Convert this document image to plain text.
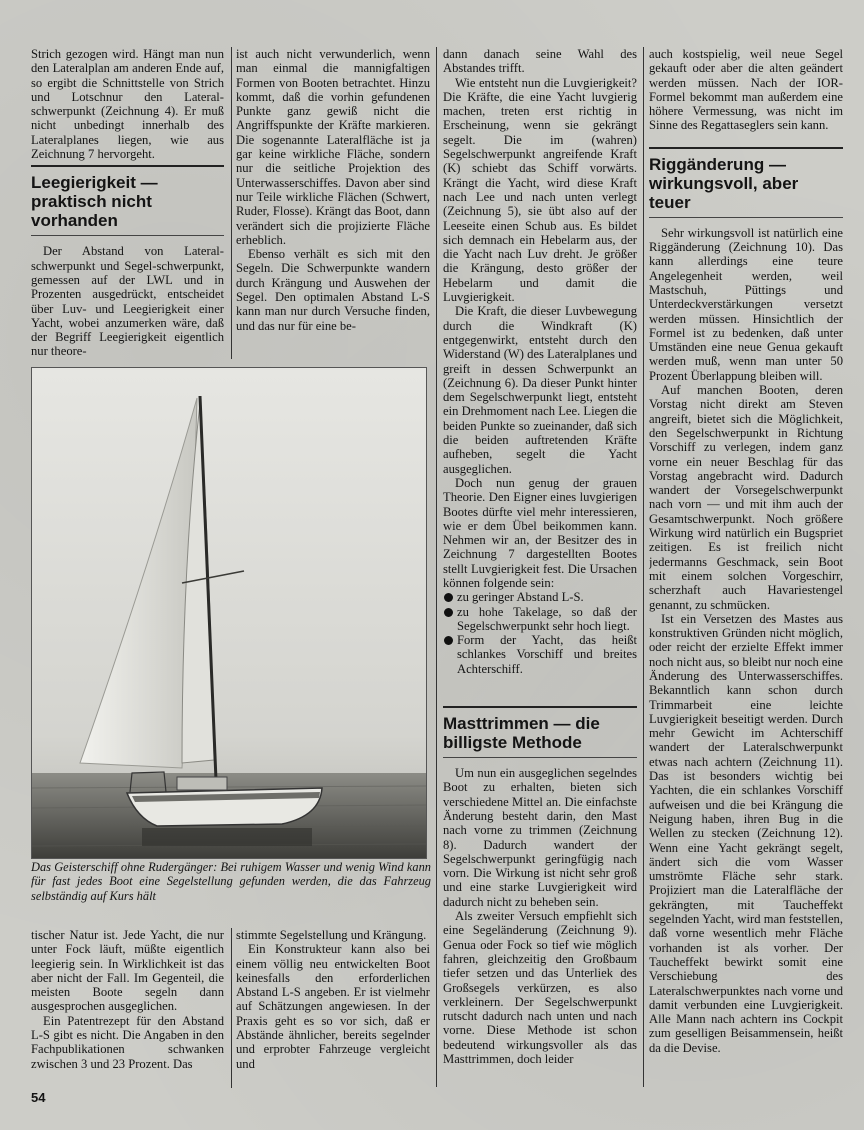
Strich gezogen wird. Hängt man nun den Lateralplan am anderen Ende auf, so ergibt die Schnittstelle von Strich und Lotschnur den Lateral-schwerpunkt (Zeichnung 4). Er muß nicht unbedingt innerhalb des Lateralplanes liegen, wie aus Zeichnung 7 hervorgeht.

Leegierigkeit — praktisch nicht vorhanden

Der Abstand von Lateral-schwerpunkt und Segel-schwerpunkt, gemessen auf der LWL und in Prozenten ausgedrückt, entscheidet über Luv- und Leegierigkeit einer Yacht, wobei anzumerken wäre, daß der Begriff Leegierigkeit eigentlich nur theore-

ist auch nicht verwunderlich, wenn man einmal die mannigfaltigen Formen von Booten betrachtet. Hinzu kommt, daß die vorhin gefundenen Punkte ganz gewiß nicht die Angriffspunkte der Kräfte markieren. Die sogenannte Lateralfläche ist ja gar keine wirkliche Fläche, sondern nur die seitliche Projektion des Unterwasserschiffes. Davon aber sind nur Teile wirkliche Flächen (Schwert, Ruder, Flosse). Krängt das Boot, dann verändert sich die projizierte Fläche erheblich.

Ebenso verhält es sich mit den Segeln. Die Schwerpunkte wandern durch Krängung und Auswehen der Segel. Den optimalen Abstand L-S kann man nur durch Versuche finden, und das nur für eine be-

Das Geisterschiff ohne Rudergänger: Bei ruhigem Wasser und wenig Wind kann für fast jedes Boot eine Segelstellung gefunden werden, die das Fahrzeug selbständig auf Kurs hält

tischer Natur ist. Jede Yacht, die nur unter Fock läuft, müßte eigentlich leegierig sein. In Wirklichkeit ist das aber nicht der Fall. Im Gegenteil, die meisten Boote segeln dann ausgesprochen ausgeglichen.

Ein Patentrezept für den Abstand L-S gibt es nicht. Die Angaben in den Fachpublikationen schwanken zwischen 3 und 23 Prozent. Das

stimmte Segelstellung und Krängung.

Ein Konstrukteur kann also bei einem völlig neu entwickelten Boot keinesfalls den erforderlichen Abstand L-S angeben. Er ist vielmehr auf Schätzungen angewiesen. In der Praxis geht es so vor sich, daß er Abstände ähnlicher, bereits segelnder und erprobter Fahrzeuge vergleicht und

dann danach seine Wahl des Abstandes trifft.

Wie entsteht nun die Luvgierigkeit? Die Kräfte, die eine Yacht luvgierig machen, treten erst richtig in Erscheinung, wenn sie gekrängt segelt. Die im (wahren) Segelschwerpunkt angreifende Kraft (K) schiebt das Schiff vorwärts. Krängt die Yacht, wird diese Kraft nach Lee und nach unten verlegt (Zeichnung 5), sie übt also auf der Leeseite einen Schub aus. Es bildet sich demnach ein Hebelarm aus, der die Yacht nach Luv dreht. Je größer die Krängung, desto größer der Hebelarm und damit die Luvgierigkeit.

Die Kraft, die dieser Luvbewegung durch die Windkraft (K) entgegenwirkt, entsteht durch den Widerstand (W) des Lateralplanes und greift in dessen Schwerpunkt an (Zeichnung 6). Da dieser Punkt hinter dem Segelschwerpunkt liegt, entsteht ein Drehmoment nach Lee. Liegen die beiden Punkte so zueinander, daß sich die beiden auftretenden Kräfte aufheben, segelt die Yacht ausgeglichen.

Doch nun genug der grauen Theorie. Den Eigner eines luvgierigen Bootes dürfte viel mehr interessieren, wie er dem Übel beikommen kann. Nehmen wir an, der Besitzer des in Zeichnung 7 dargestellten Bootes stellt Luvgierigkeit fest. Die Ursachen können folgende sein:

zu geringer Abstand L-S.
zu hohe Takelage, so daß der Segelschwerpunkt sehr hoch liegt.
Form der Yacht, das heißt schlankes Vorschiff und breites Achterschiff.
Masttrimmen — die billigste Methode

Um nun ein ausgeglichen segelndes Boot zu erhalten, bieten sich verschiedene Mittel an. Die einfachste Änderung besteht darin, den Mast nach vorne zu trimmen (Zeichnung 8). Dadurch wandert der Segelschwerpunkt geringfügig nach vorn. Die Wirkung ist nicht sehr groß und eine starke Luvgierigkeit wird dadurch nicht zu beheben sein.

Als zweiter Versuch empfiehlt sich eine Segeländerung (Zeichnung 9). Genua oder Fock so tief wie möglich fahren, gleichzeitig den Großbaum tiefer setzen und das Unterliek des Großsegels verkürzen, es also verkleinern. Der Segelschwerpunkt rutscht dadurch nach unten und nach vorne. Diese Methode ist schon bedeutend wirkungsvoller als das Masttrimmen, doch leider

auch kostspielig, weil neue Segel gekauft oder aber die alten geändert werden müssen. Nach der IOR-Formel bekommt man außerdem eine höhere Vermessung, was nicht im Sinne des Regattaseglers sein kann.

Riggänderung — wirkungsvoll, aber teuer

Sehr wirkungsvoll ist natürlich eine Riggänderung (Zeichnung 10). Das kann allerdings eine teure Angelegenheit werden, weil Mastschuh, Püttings und Unterdeckverstärkungen versetzt werden müssen. Hinsichtlich der Formel ist zu bedenken, daß unter Umständen eine neue Genua gekauft werden muß, wenn man unter 50 Prozent Überlappung bleiben will.

Auf manchen Booten, deren Vorstag nicht direkt am Steven angreift, bietet sich die Möglichkeit, den Segelschwerpunkt in Richtung Vorschiff zu verlegen, indem ganz vorne ein neuer Beschlag für das Vorstag angebracht wird. Dadurch wandert der Vorsegelschwerpunkt nach vorn — und mit ihm auch der Gesamtschwerpunkt. Noch größere Wirkung wird natürlich ein Bugspriet zeitigen. Es ist freilich nicht jedermanns Geschmack, sein Boot mit einem solchen Vorgeschirr, scherzhaft auch Havariestengel genannt, zu schmücken.

Ist ein Versetzen des Mastes aus konstruktiven Gründen nicht möglich, oder reicht der erzielte Effekt immer noch nicht aus, so bleibt nur noch eine Änderung des Unterwasserschiffes. Bekanntlich kann schon durch Trimmarbeit eine leichte Luvgierigkeit beseitigt werden. Durch mehr Gewicht im Achterschiff wandert der Lateralschwerpunkt etwas nach achtern (Zeichnung 11). Das ist besonders wichtig bei Yachten, die ein schlankes Vorschiff aufweisen und die bei Krängung die Neigung haben, ihren Bug in die Wellen zu stecken (Zeichnung 12). Wenn eine Yacht gekrängt segelt, ändert sich die vom Wasser umströmte Fläche sehr stark. Projiziert man die Lateralfläche der gekrängten, mit Taucheffekt segelnden Yacht, wird man feststellen, daß vorne wesentlich mehr Fläche vorhanden ist als vorher. Der Taucheffekt bewirkt somit eine Verschiebung des Lateralschwerpunktes nach vorne und damit verbunden eine Luvgierigkeit. Alle Mann nach achtern ins Cockpit zum geselligen Beisammensein, heißt da die Devise.

54
